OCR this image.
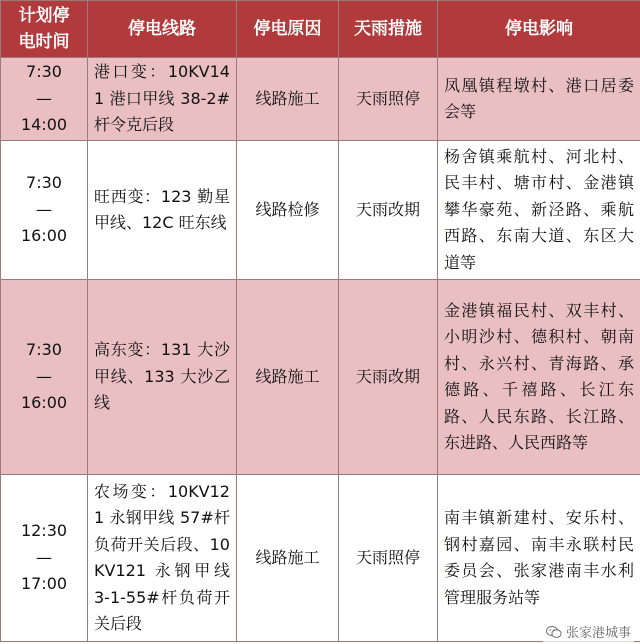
计划停
电时间	停电线路	停电原因	天雨措施	停电影响

7:30
—
14:00	港口变：10KV141 港口甲线 38-2#杆令克后段	线路施工	天雨照停	凤凰镇程墩村、港口居委会等

7:30
—
16:00	旺西变：123 勤星甲线、12C 旺东线	线路检修	天雨改期	杨舍镇乘航村、河北村、民丰村、塘市村、金港镇攀华豪苑、新泾路、乘航西路、东南大道、东区大道等

7:30
—
16:00	高东变：131 大沙甲线、133 大沙乙线	线路施工	天雨改期	金港镇福民村、双丰村、小明沙村、德积村、朝南村、永兴村、青海路、承德路、千禧路、长江东路、人民东路、长江路、东进路、人民西路等

12:30
—
17:00	农场变：10KV121 永钢甲线 57#杆负荷开关后段、10KV121 永钢甲线 3-1-55#杆负荷开关后段	线路施工	天雨照停	南丰镇新建村、安乐村、钢村嘉园、南丰永联村民委员会、张家港南丰水利管理服务站等
张家港城事
